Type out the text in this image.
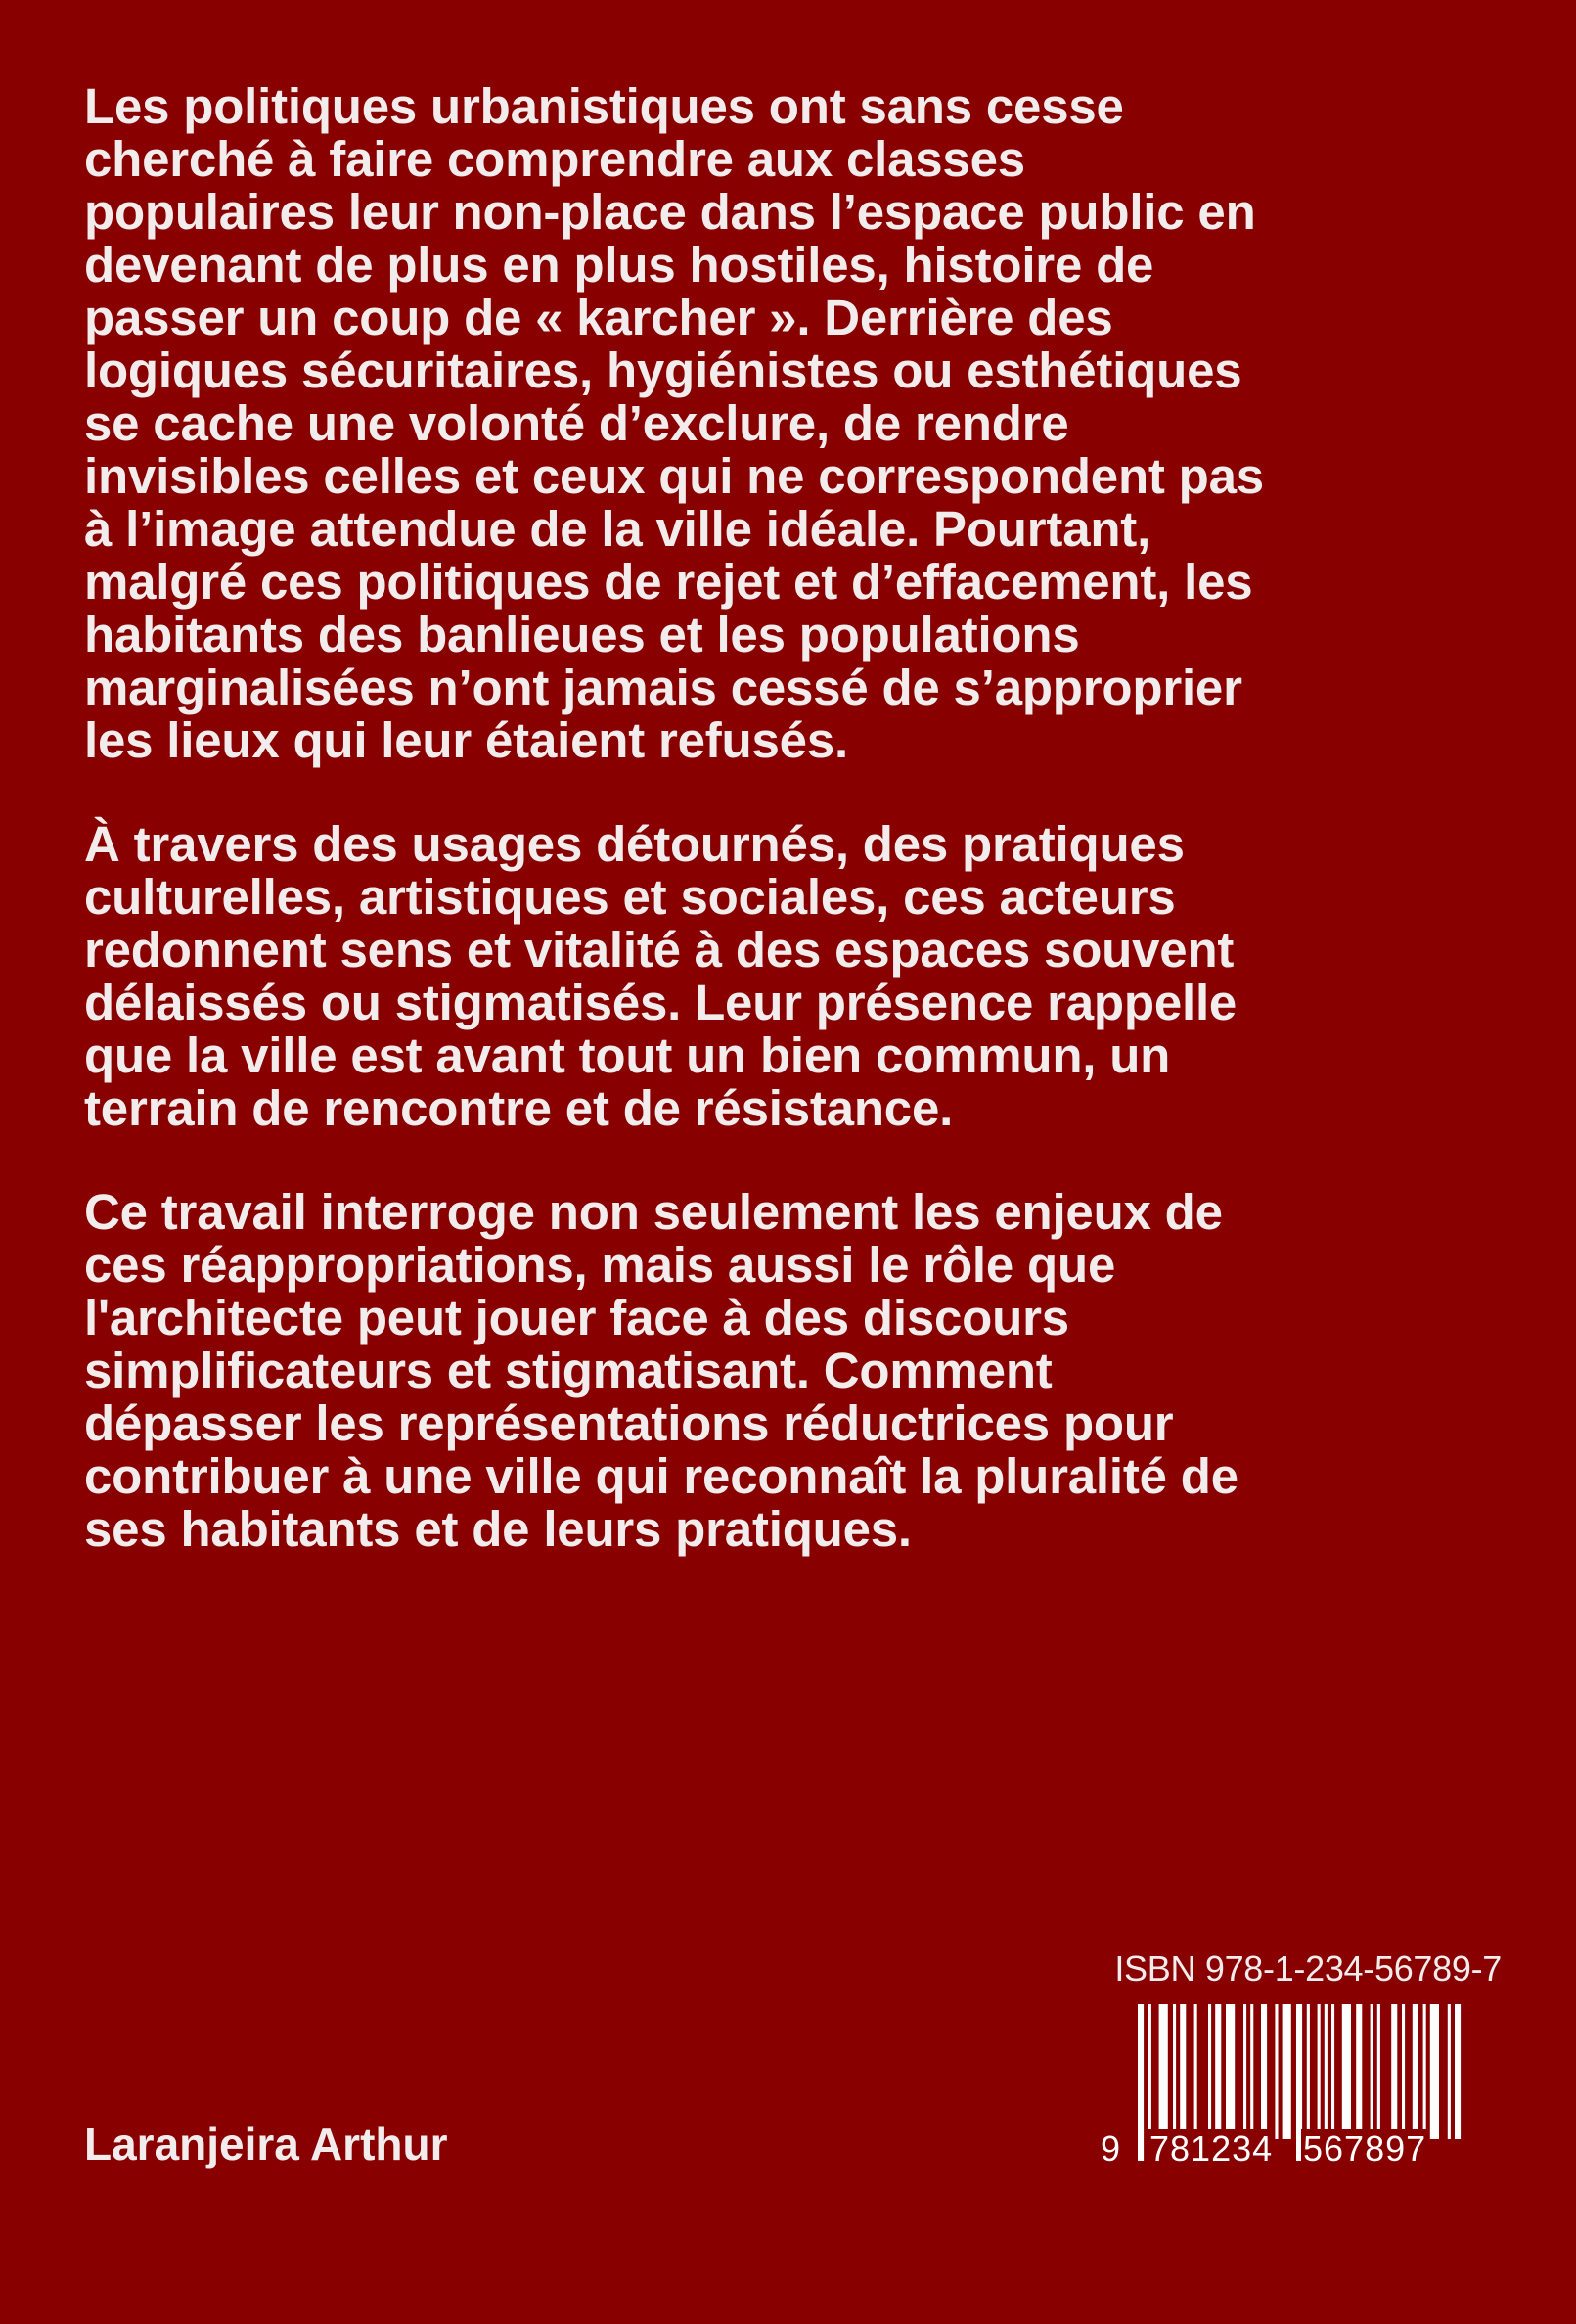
Les politiques urbanistiques ont sans cesse
cherché à faire comprendre aux classes
populaires leur non-place dans l’espace public en
devenant de plus en plus hostiles, histoire de
passer un coup de « karcher ». Derrière des
logiques sécuritaires, hygiénistes ou esthétiques
se cache une volonté d’exclure, de rendre
invisibles celles et ceux qui ne correspondent pas
à l’image attendue de la ville idéale. Pourtant,
malgré ces politiques de rejet et d’effacement, les
habitants des banlieues et les populations
marginalisées n’ont jamais cessé de s’approprier
les lieux qui leur étaient refusés.

À travers des usages détournés, des pratiques
culturelles, artistiques et sociales, ces acteurs
redonnent sens et vitalité à des espaces souvent
délaissés ou stigmatisés. Leur présence rappelle
que la ville est avant tout un bien commun, un
terrain de rencontre et de résistance.

Ce travail interroge non seulement les enjeux de
ces réappropriations, mais aussi le rôle que
l'architecte peut jouer face à des discours
simplificateurs et stigmatisant. Comment
dépasser les représentations réductrices pour
contribuer à une ville qui reconnaît la pluralité de
ses habitants et de leurs pratiques.

Laranjeira Arthur
ISBN 978-1-234-56789-7
9 781234 567897
